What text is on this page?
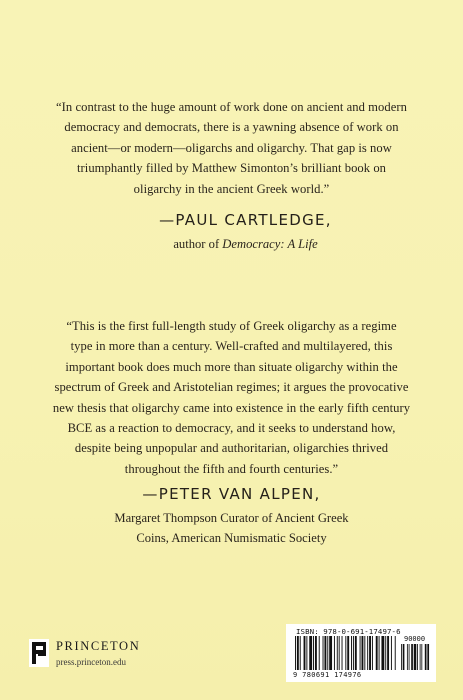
“In contrast to the huge amount of work done on ancient and modern
democracy and democrats, there is a yawning absence of work on
ancient—or modern—oligarchs and oligarchy. That gap is now
triumphantly filled by Matthew Simonton’s brilliant book on
oligarchy in the ancient Greek world.”
—PAUL CARTLEDGE,
author of Democracy: A Life
“This is the first full-length study of Greek oligarchy as a regime
type in more than a century. Well-crafted and multilayered, this
important book does much more than situate oligarchy within the
spectrum of Greek and Aristotelian regimes; it argues the provocative
new thesis that oligarchy came into existence in the early fifth century
BCE as a reaction to democracy, and it seeks to understand how,
despite being unpopular and authoritarian, oligarchies thrived
throughout the fifth and fourth centuries.”
—PETER VAN ALPEN,
Margaret Thompson Curator of Ancient Greek
Coins, American Numismatic Society
PRINCETON
press.princeton.edu
ISBN: 978-0-691-17497-6
9 780691 174976
90000
